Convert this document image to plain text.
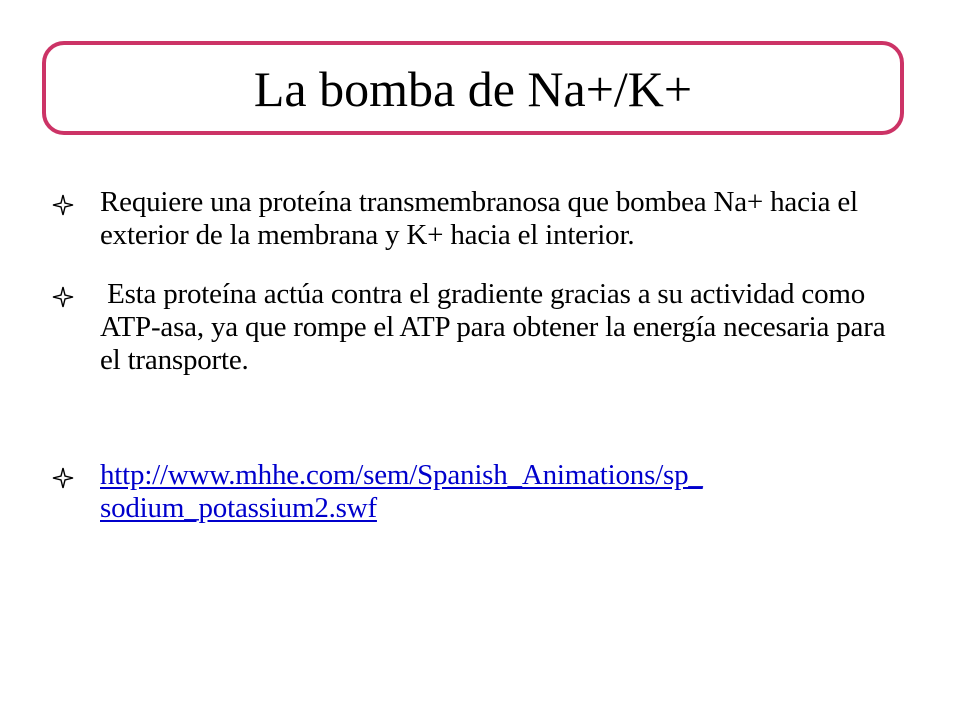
La bomba de Na+/K+
Requiere una proteína transmembranosa que bombea Na+ hacia el exterior de la membrana y K+ hacia el interior.
Esta proteína actúa contra el gradiente gracias a su actividad como ATP-asa, ya que rompe el ATP para obtener la energía necesaria para el transporte.
http://www.mhhe.com/sem/Spanish_Animations/sp_
sodium_potassium2.swf
